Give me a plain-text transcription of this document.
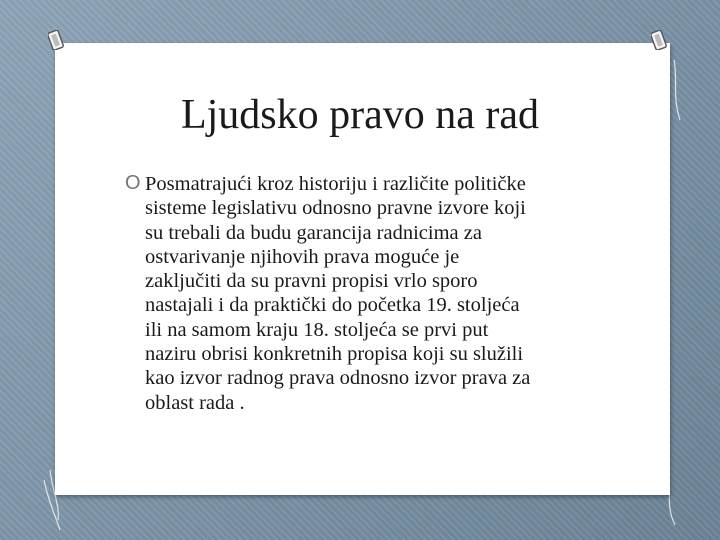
Ljudsko pravo na rad
O Posmatrajući kroz historiju i različite političke
sisteme legislativu odnosno pravne izvore koji
su trebali da budu garancija radnicima za
ostvarivanje njihovih prava moguće je
zaključiti da su pravni propisi vrlo sporo
nastajali i da praktički do početka 19. stoljeća
ili na samom kraju 18. stoljeća se prvi put
naziru obrisi konkretnih propisa koji su služili
kao izvor radnog prava odnosno izvor prava za
oblast rada .
